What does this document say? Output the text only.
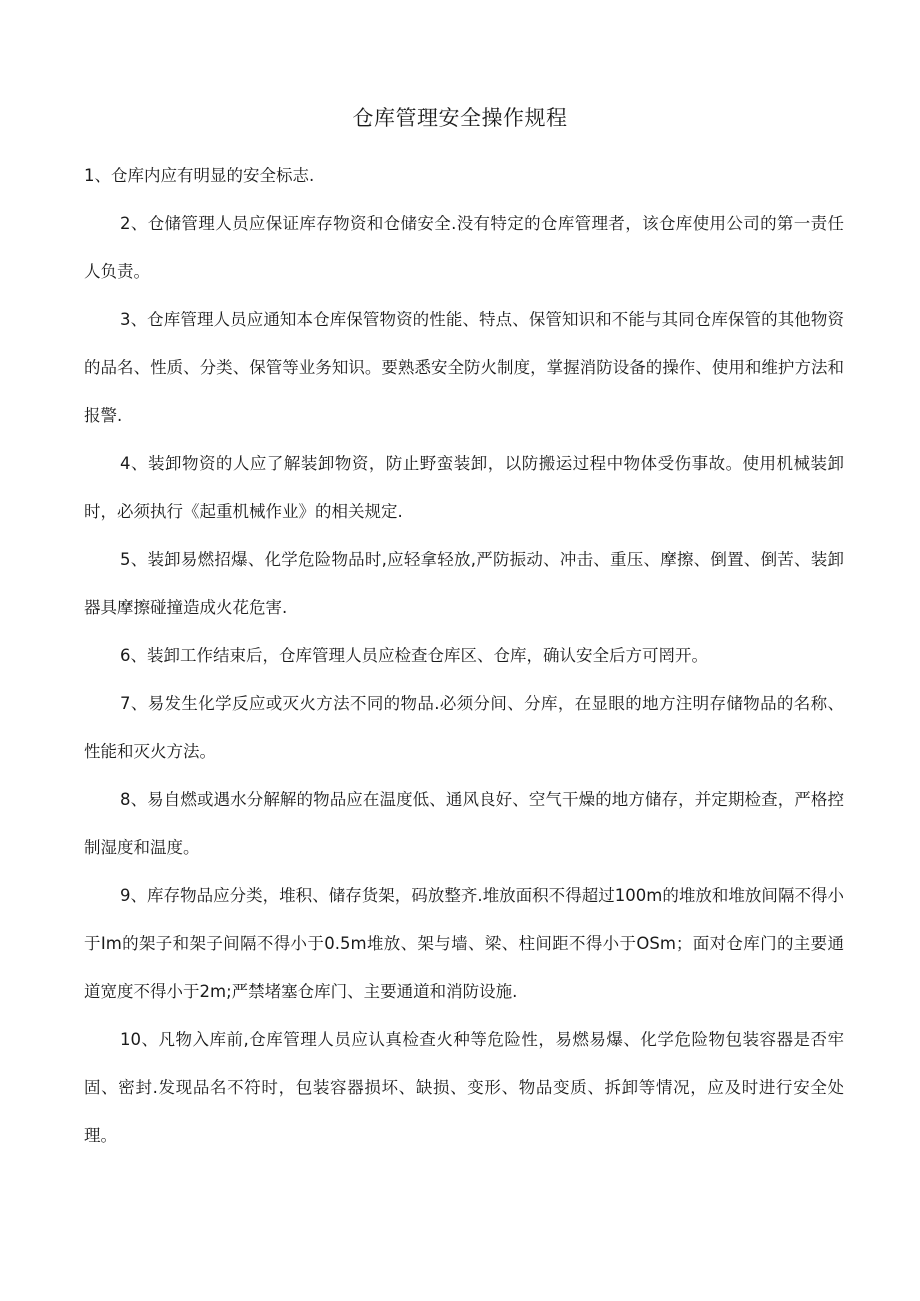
仓库管理安全操作规程

1、仓库内应有明显的安全标志.

2、仓储管理人员应保证库存物资和仓储安全.没有特定的仓库管理者，该仓库使用公司的第一责任人负责。

3、仓库管理人员应通知本仓库保管物资的性能、特点、保管知识和不能与其同仓库保管的其他物资的品名、性质、分类、保管等业务知识。要熟悉安全防火制度，掌握消防设备的操作、使用和维护方法和报警.

4、装卸物资的人应了解装卸物资，防止野蛮装卸，以防搬运过程中物体受伤事故。使用机械装卸时，必须执行《起重机械作业》的相关规定.

5、装卸易燃招爆、化学危险物品时,应轻拿轻放,严防振动、冲击、重压、摩擦、倒置、倒苦、装卸器具摩擦碰撞造成火花危害.

6、装卸工作结束后，仓库管理人员应检查仓库区、仓库，确认安全后方可罔开。

7、易发生化学反应或灭火方法不同的物品.必须分间、分库，在显眼的地方注明存储物品的名称、性能和灭火方法。

8、易自燃或遇水分解解的物品应在温度低、通风良好、空气干燥的地方储存，并定期检查，严格控制湿度和温度。

9、库存物品应分类，堆积、储存货架，码放整齐.堆放面积不得超过100m的堆放和堆放间隔不得小于Im的架子和架子间隔不得小于0.5m堆放、架与墙、梁、柱间距不得小于OSm；面对仓库门的主要通道宽度不得小于2m;严禁堵塞仓库门、主要通道和消防设施.

10、凡物入库前,仓库管理人员应认真检查火种等危险性，易燃易爆、化学危险物包装容器是否牢固、密封.发现品名不符时，包装容器损坏、缺损、变形、物品变质、拆卸等情况，应及时进行安全处理。
